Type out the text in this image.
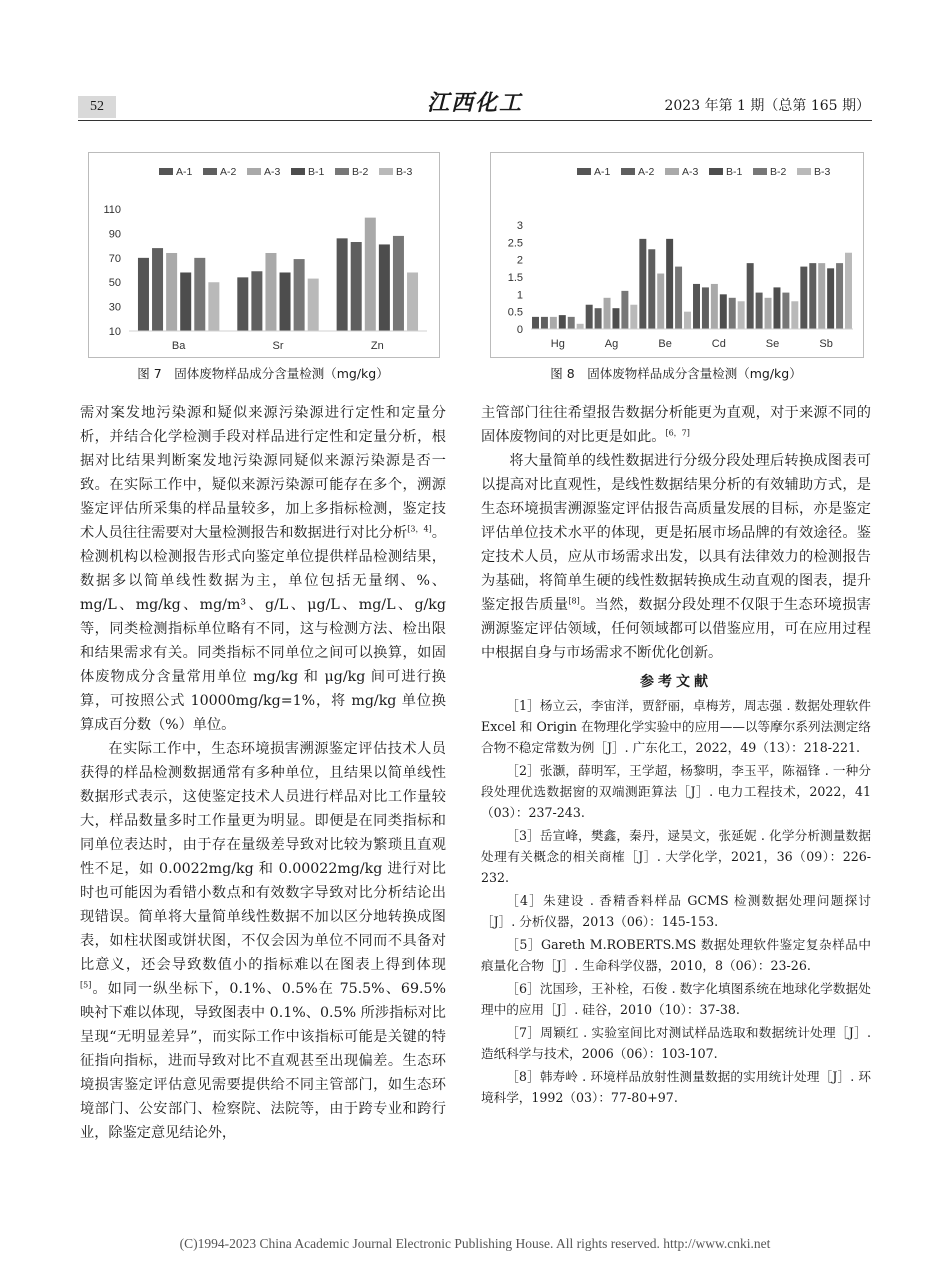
52	江西化工	2023 年第 1 期（总第 165 期）
A-1	A-2	A-3	B-1	B-2	B-3
10
30
50
70
90
110
Ba	Sr	Zn
图 7　固体废物样品成分含量检测（mg/kg）
A-1	A-2	A-3	B-1	B-2	B-3
0
0.5
1
1.5
2
2.5
3
Hg	Ag	Be	Cd	Se	Sb
图 8　固体废物样品成分含量检测（mg/kg）

需对案发地污染源和疑似来源污染源进行定性和定量分析，并结合化学检测手段对样品进行定性和定量分析，根据对比结果判断案发地污染源同疑似来源污染源是否一致。在实际工作中，疑似来源污染源可能存在多个，溯源鉴定评估所采集的样品量较多，加上多指标检测，鉴定技术人员往往需要对大量检测报告和数据进行对比分析[3，4]。检测机构以检测报告形式向鉴定单位提供样品检测结果，数据多以简单线性数据为主，单位包括无量纲、%、mg/L、mg/kg、mg/m³、g/L、μg/L、mg/L、g/kg 等，同类检测指标单位略有不同，这与检测方法、检出限和结果需求有关。同类指标不同单位之间可以换算，如固体废物成分含量常用单位 mg/kg 和 μg/kg 间可进行换算，可按照公式 10000mg/kg=1%，将 mg/kg 单位换算成百分数（%）单位。

在实际工作中，生态环境损害溯源鉴定评估技术人员获得的样品检测数据通常有多种单位，且结果以简单线性数据形式表示，这使鉴定技术人员进行样品对比工作量较大，样品数量多时工作量更为明显。即便是在同类指标和同单位表达时，由于存在量级差导致对比较为繁琐且直观性不足，如 0.0022mg/kg 和 0.00022mg/kg 进行对比时也可能因为看错小数点和有效数字导致对比分析结论出现错误。简单将大量简单线性数据不加以区分地转换成图表，如柱状图或饼状图，不仅会因为单位不同而不具备对比意义，还会导致数值小的指标难以在图表上得到体现[5]。如同一纵坐标下，0.1%、0.5%在 75.5%、69.5% 映衬下难以体现，导致图表中 0.1%、0.5% 所涉指标对比呈现“无明显差异”，而实际工作中该指标可能是关键的特征指向指标，进而导致对比不直观甚至出现偏差。生态环境损害鉴定评估意见需要提供给不同主管部门，如生态环境部门、公安部门、检察院、法院等，由于跨专业和跨行业，除鉴定意见结论外，

主管部门往往希望报告数据分析能更为直观，对于来源不同的固体废物间的对比更是如此。[6，7]

将大量简单的线性数据进行分级分段处理后转换成图表可以提高对比直观性，是线性数据结果分析的有效辅助方式，是生态环境损害溯源鉴定评估报告高质量发展的目标，亦是鉴定评估单位技术水平的体现，更是拓展市场品牌的有效途径。鉴定技术人员，应从市场需求出发，以具有法律效力的检测报告为基础，将简单生硬的线性数据转换成生动直观的图表，提升鉴定报告质量[8]。当然，数据分段处理不仅限于生态环境损害溯源鉴定评估领域，任何领域都可以借鉴应用，可在应用过程中根据自身与市场需求不断优化创新。

参考文献
［1］杨立云，李宙洋，贾舒丽，卓梅芳，周志强 . 数据处理软件 Excel 和 Origin 在物理化学实验中的应用——以等摩尔系列法测定络合物不稳定常数为例［J］. 广东化工，2022，49（13）：218-221.
［2］张灏，薛明军，王学超，杨黎明，李玉平，陈福锋 . 一种分段处理优选数据窗的双端测距算法［J］. 电力工程技术，2022，41（03）：237-243.
［3］岳宣峰，樊鑫，秦丹，逯昊文，张延妮 . 化学分析测量数据处理有关概念的相关商榷［J］. 大学化学，2021，36（09）：226-232.
［4］朱建设 . 香精香料样品 GCMS 检测数据处理问题探讨［J］. 分析仪器，2013（06）：145-153.
［5］Gareth M.ROBERTS.MS 数据处理软件鉴定复杂样品中痕量化合物［J］. 生命科学仪器，2010，8（06）：23-26.
［6］沈国珍，王补栓，石俊 . 数字化填图系统在地球化学数据处理中的应用［J］. 硅谷，2010（10）：37-38.
［7］周颖红 . 实验室间比对测试样品选取和数据统计处理［J］. 造纸科学与技术，2006（06）：103-107.
［8］韩寿岭 . 环境样品放射性测量数据的实用统计处理［J］. 环境科学，1992（03）：77-80+97.
(C)1994-2023 China Academic Journal Electronic Publishing House. All rights reserved. http://www.cnki.net
